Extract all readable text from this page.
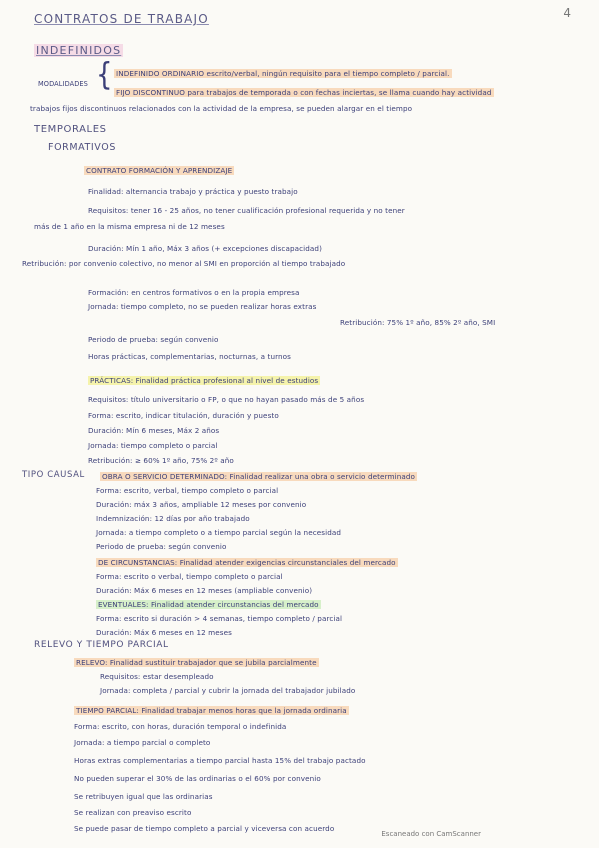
4
CONTRATOS DE TRABAJO
INDEFINIDOS
MODALIDADES { INDEFINIDO ORDINARIO escrito/verbal, ningún requisito para el tiempo completo / parcial.
FIJO DISCONTINUO para trabajos de temporada o con fechas inciertas, se llama cuando hay actividad
trabajos fijos discontinuos relacionados con la actividad de la empresa, se pueden alargar en el tiempo
TEMPORALES
FORMATIVOS
CONTRATO FORMACIÓN Y APRENDIZAJE
Finalidad: alternancia trabajo y práctica y puesto trabajo
Requisitos: tener 16 - 25 años, no tener cualificación profesional requerida y no tener
más de 1 año en la misma empresa ni de 12 meses
Duración: Mín 1 año, Máx 3 años (+ excepciones discapacidad)
Retribución: por convenio colectivo, no menor al SMI en proporción al tiempo trabajado
Formación: en centros formativos o en la propia empresa
Jornada: tiempo completo, no se pueden realizar horas extras
Retribución: 75% 1º año, 85% 2º año, SMI
Periodo de prueba: según convenio
Horas prácticas, complementarias, nocturnas, a turnos
PRÁCTICAS: Finalidad práctica profesional al nivel de estudios
Requisitos: título universitario o FP, o que no hayan pasado más de 5 años
Forma: escrito, indicar titulación, duración y puesto
Duración: Mín 6 meses, Máx 2 años
Jornada: tiempo completo o parcial
Retribución: ≥ 60% 1º año, 75% 2º año
TIPO CAUSAL OBRA O SERVICIO DETERMINADO: Finalidad realizar una obra o servicio determinado
Forma: escrito, verbal, tiempo completo o parcial
Duración: máx 3 años, ampliable 12 meses por convenio
Indemnización: 12 días por año trabajado
Jornada: a tiempo completo o a tiempo parcial según la necesidad
Periodo de prueba: según convenio
DE CIRCUNSTANCIAS: Finalidad atender exigencias circunstanciales del mercado
Forma: escrito o verbal, tiempo completo o parcial
Duración: Máx 6 meses en 12 meses (ampliable convenio)
EVENTUALES: Finalidad atender circunstancias del mercado
Forma: escrito si duración > 4 semanas, tiempo completo / parcial
Duración: Máx 6 meses en 12 meses
RELEVO Y TIEMPO PARCIAL
RELEVO: Finalidad sustituir trabajador que se jubila parcialmente
Requisitos: estar desempleado
Jornada: completa / parcial y cubrir la jornada del trabajador jubilado
TIEMPO PARCIAL: Finalidad trabajar menos horas que la jornada ordinaria
Forma: escrito, con horas, duración temporal o indefinida
Jornada: a tiempo parcial o completo
Horas extras complementarias a tiempo parcial hasta 15% del trabajo pactado
No pueden superar el 30% de las ordinarias o el 60% por convenio
Se retribuyen igual que las ordinarias
Se realizan con preaviso escrito
Se puede pasar de tiempo completo a parcial y viceversa con acuerdo
Escaneado con CamScanner
